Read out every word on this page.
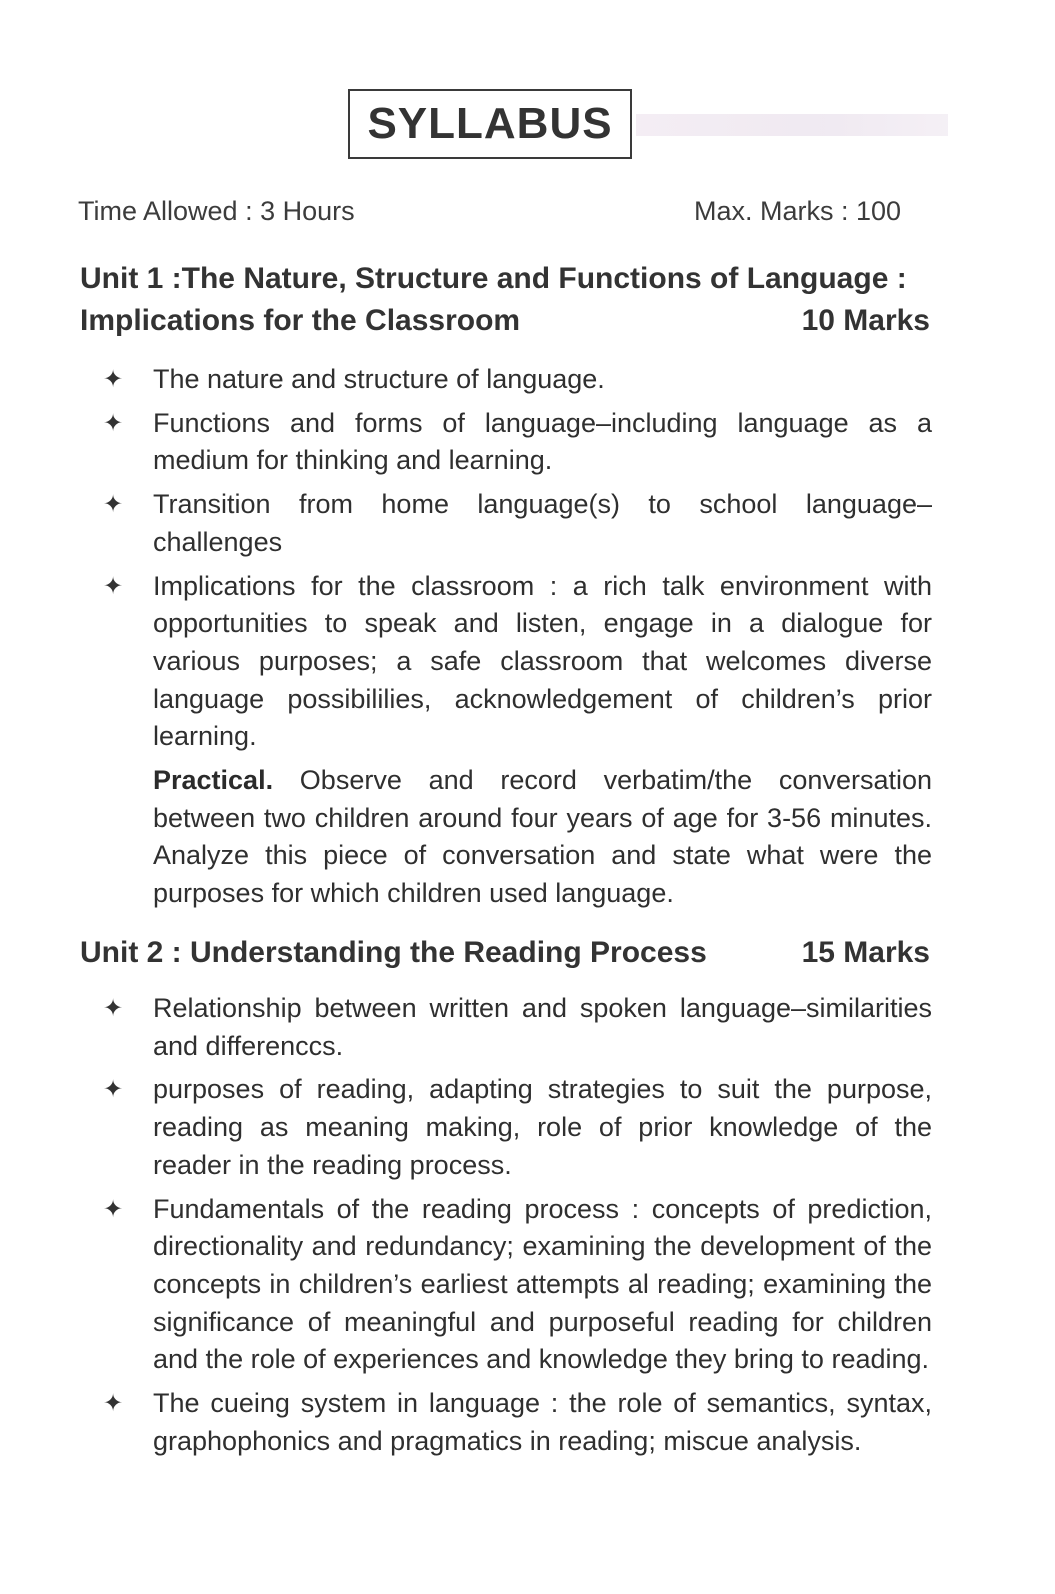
SYLLABUS
Time Allowed : 3 Hours	Max. Marks : 100
Unit 1 :The Nature, Structure and Functions of Language :
Implications for the Classroom	10 Marks
✦ The nature and structure of language.
✦ Functions and forms of language–including language as a medium for thinking and learning.
✦ Transition from home language(s) to school language–challenges
✦ Implications for the classroom : a rich talk environment with opportunities to speak and listen, engage in a dialogue for various purposes; a safe classroom that welcomes diverse language possibililies, acknowledgement of children’s prior learning.
Practical. Observe and record verbatim/the conversation between two children around four years of age for 3-56 minutes. Analyze this piece of conversation and state what were the purposes for which children used language.
Unit 2 : Understanding the Reading Process	15 Marks
✦ Relationship between written and spoken language–similarities and differenccs.
✦ purposes of reading, adapting strategies to suit the purpose, reading as meaning making, role of prior knowledge of the reader in the reading process.
✦ Fundamentals of the reading process : concepts of prediction, directionality and redundancy; examining the development of the concepts in children’s earliest attempts al reading; examining the significance of meaningful and purposeful reading for children and the role of experiences and knowledge they bring to reading.
✦ The cueing system in language : the role of semantics, syntax, graphophonics and pragmatics in reading; miscue analysis.
